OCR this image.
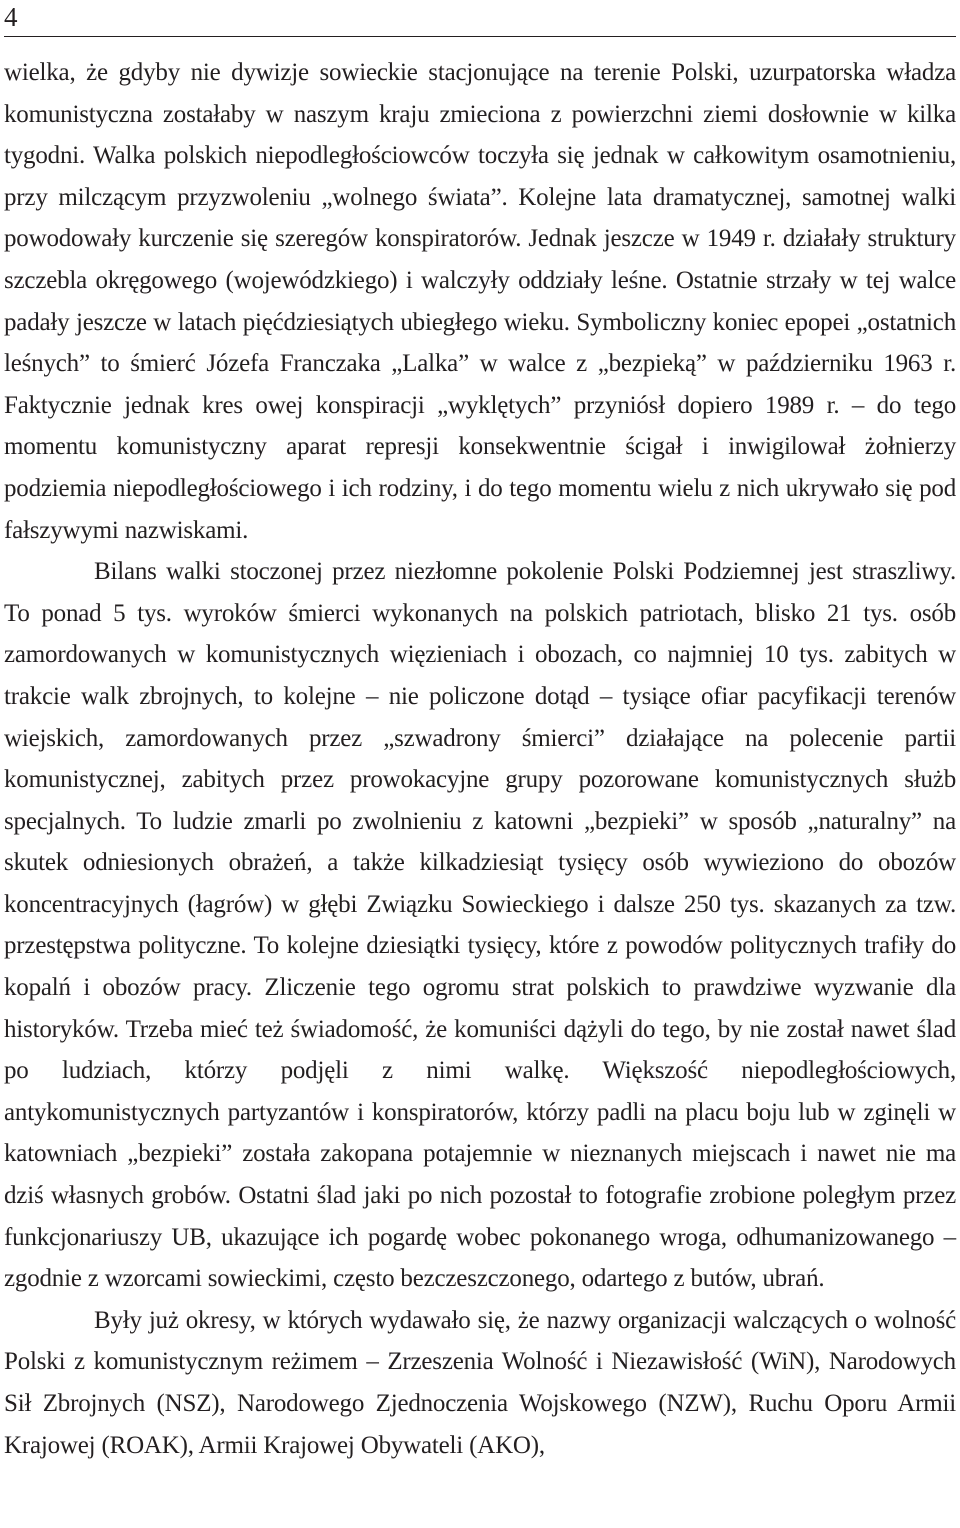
4

wielka, że gdyby nie dywizje sowieckie stacjonujące na terenie Polski, uzurpatorska władza komunistyczna zostałaby w naszym kraju zmieciona z powierzchni ziemi dosłownie w kilka tygodni. Walka polskich niepodległościowców toczyła się jednak w całkowitym osamotnieniu, przy milczącym przyzwoleniu „wolnego świata”. Kolejne lata dramatycznej, samotnej walki powodowały kurczenie się szeregów konspiratorów. Jednak jeszcze w 1949 r. działały struktury szczebla okręgowego (wojewódzkiego) i walczyły oddziały leśne. Ostatnie strzały w tej walce padały jeszcze w latach pięćdziesiątych ubiegłego wieku. Symboliczny koniec epopei „ostatnich leśnych” to śmierć Józefa Franczaka „Lalka” w walce z „bezpieką” w październiku 1963 r. Faktycznie jednak kres owej konspiracji „wyklętych” przyniósł dopiero 1989 r. – do tego momentu komunistyczny aparat represji konsekwentnie ścigał i inwigilował żołnierzy podziemia niepodległościowego i ich rodziny, i do tego momentu wielu z nich ukrywało się pod fałszywymi nazwiskami.

Bilans walki stoczonej przez niezłomne pokolenie Polski Podziemnej jest straszliwy. To ponad 5 tys. wyroków śmierci wykonanych na polskich patriotach, blisko 21 tys. osób zamordowanych w komunistycznych więzieniach i obozach, co najmniej 10 tys. zabitych w trakcie walk zbrojnych, to kolejne – nie policzone dotąd – tysiące ofiar pacyfikacji terenów wiejskich, zamordowanych przez „szwadrony śmierci” działające na polecenie partii komunistycznej, zabitych przez prowokacyjne grupy pozorowane komunistycznych służb specjalnych. To ludzie zmarli po zwolnieniu z katowni „bezpieki” w sposób „naturalny” na skutek odniesionych obrażeń, a także kilkadziesiąt tysięcy osób wywieziono do obozów koncentracyjnych (łagrów) w głębi Związku Sowieckiego i dalsze 250 tys. skazanych za tzw. przestępstwa polityczne. To kolejne dziesiątki tysięcy, które z powodów politycznych trafiły do kopalń i obozów pracy. Zliczenie tego ogromu strat polskich to prawdziwe wyzwanie dla historyków. Trzeba mieć też świadomość, że komuniści dążyli do tego, by nie został nawet ślad po ludziach, którzy podjęli z nimi walkę. Większość niepodległościowych, antykomunistycznych partyzantów i konspiratorów, którzy padli na placu boju lub w zginęli w katowniach „bezpieki” została zakopana potajemnie w nieznanych miejscach i nawet nie ma dziś własnych grobów. Ostatni ślad jaki po nich pozostał to fotografie zrobione poległym przez funkcjonariuszy UB, ukazujące ich pogardę wobec pokonanego wroga, odhumanizowanego – zgodnie z wzorcami sowieckimi, często bezczeszczonego, odartego z butów, ubrań.

Były już okresy, w których wydawało się, że nazwy organizacji walczących o wolność Polski z komunistycznym reżimem – Zrzeszenia Wolność i Niezawisłość (WiN), Narodowych Sił Zbrojnych (NSZ), Narodowego Zjednoczenia Wojskowego (NZW), Ruchu Oporu Armii Krajowej (ROAK), Armii Krajowej Obywateli (AKO),
